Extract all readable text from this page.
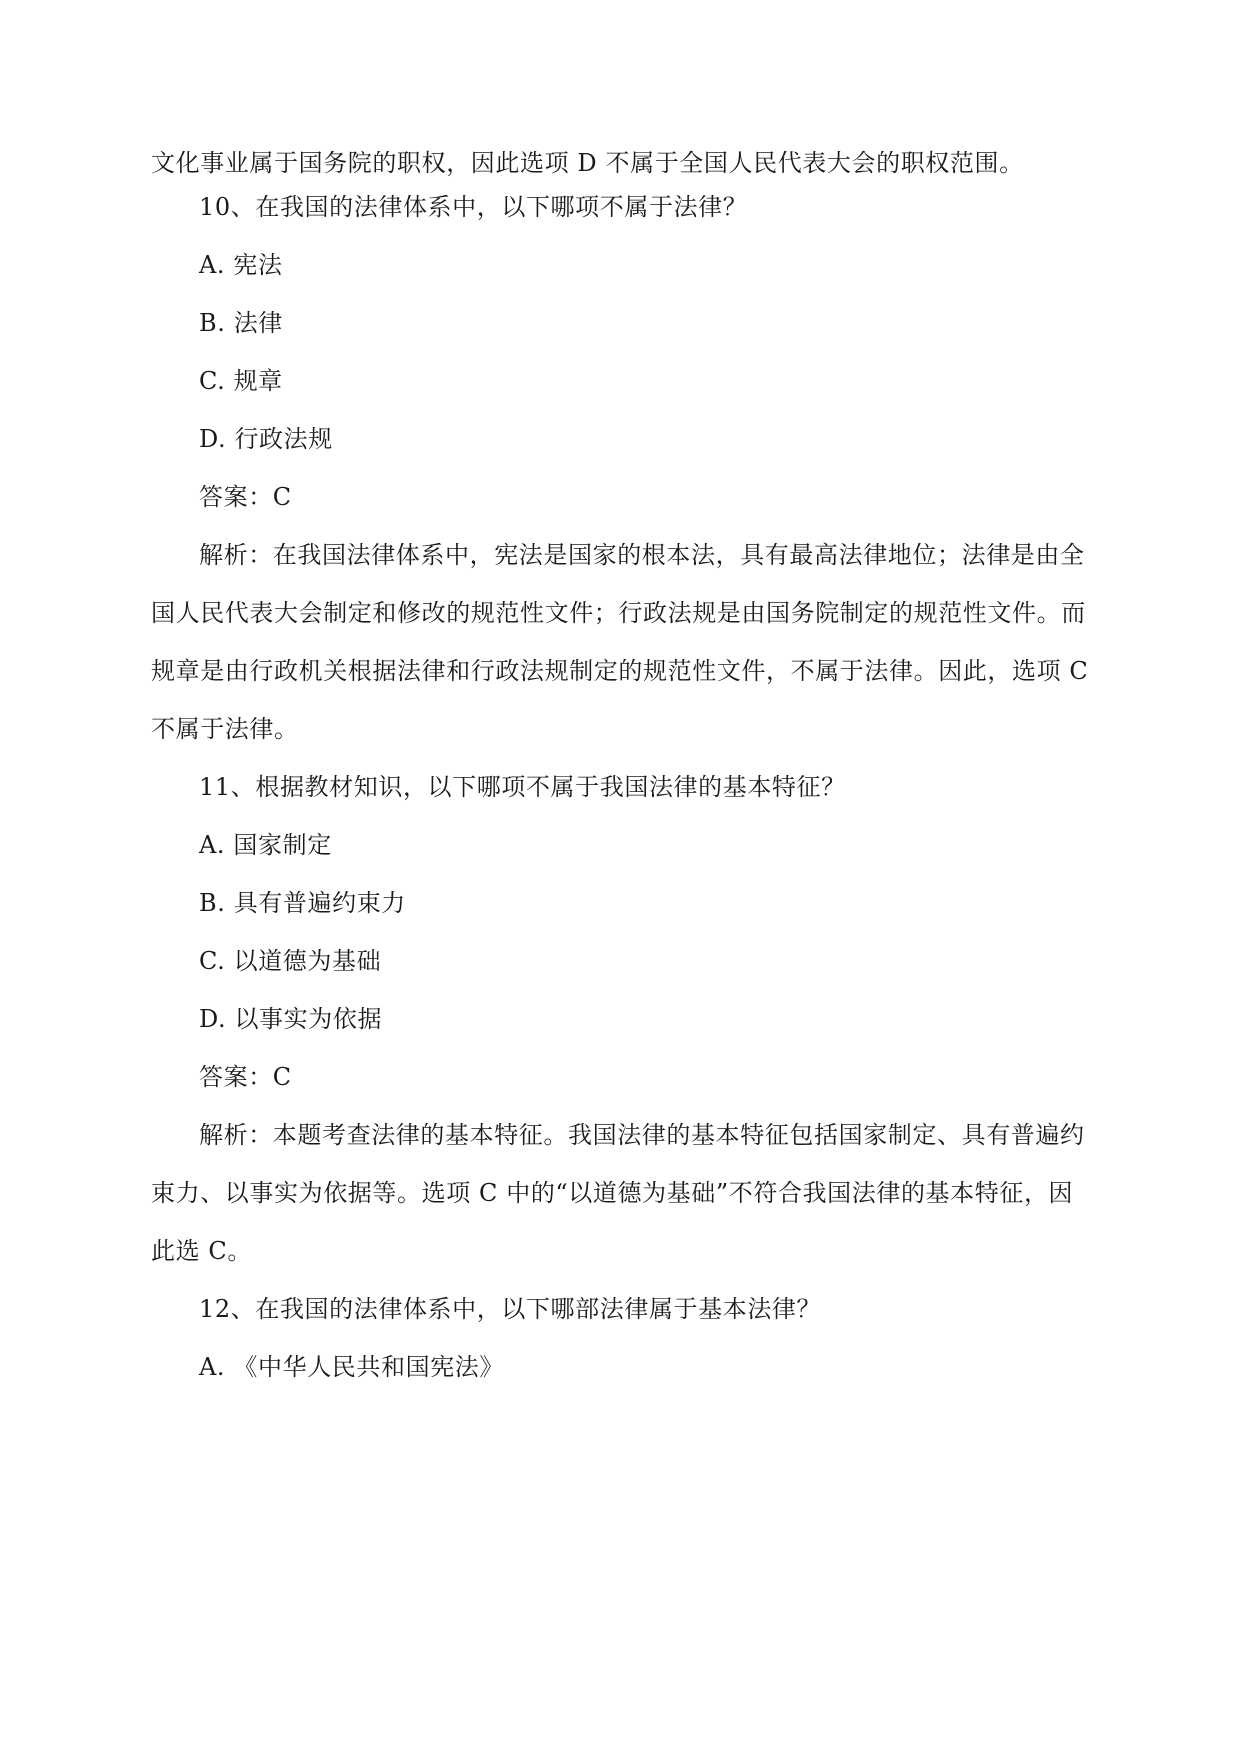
文化事业属于国务院的职权，因此选项 D 不属于全国人民代表大会的职权范围。
10、在我国的法律体系中，以下哪项不属于法律？
A. 宪法
B. 法律
C. 规章
D. 行政法规
答案：C
解析：在我国法律体系中，宪法是国家的根本法，具有最高法律地位；法律是由全
国人民代表大会制定和修改的规范性文件；行政法规是由国务院制定的规范性文件。而
规章是由行政机关根据法律和行政法规制定的规范性文件，不属于法律。因此，选项 C
不属于法律。
11、根据教材知识，以下哪项不属于我国法律的基本特征？
A. 国家制定
B. 具有普遍约束力
C. 以道德为基础
D. 以事实为依据
答案：C
解析：本题考查法律的基本特征。我国法律的基本特征包括国家制定、具有普遍约
束力、以事实为依据等。选项 C 中的“以道德为基础”不符合我国法律的基本特征，因
此选 C。
12、在我国的法律体系中，以下哪部法律属于基本法律？
A. 《中华人民共和国宪法》
